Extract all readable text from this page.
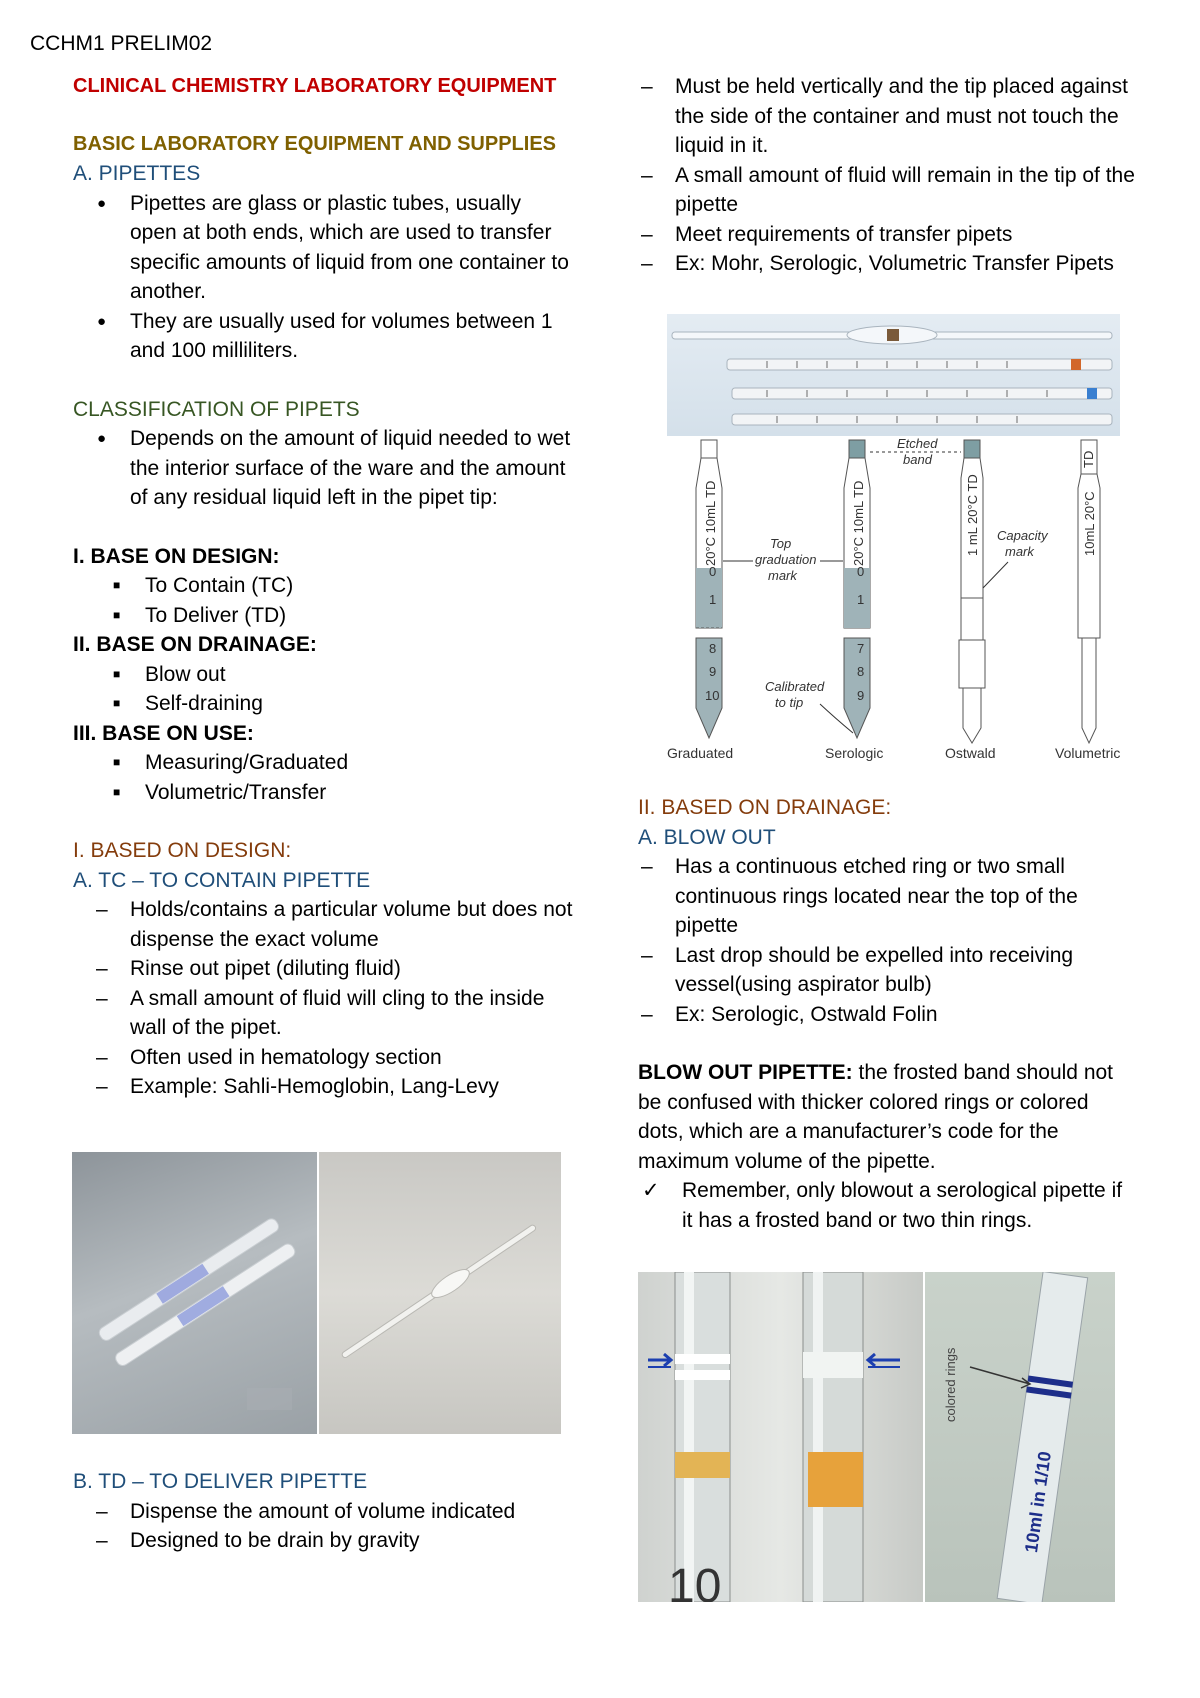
CCHM1 PRELIM02
CLINICAL CHEMISTRY LABORATORY EQUIPMENT
BASIC LABORATORY EQUIPMENT AND SUPPLIES
A. PIPETTES
● Pipettes are glass or plastic tubes, usually open at both ends, which are used to transfer specific amounts of liquid from one container to another.
● They are usually used for volumes between 1 and 100 milliliters.
CLASSIFICATION OF PIPETS
● Depends on the amount of liquid needed to wet the interior surface of the ware and the amount of any residual liquid left in the pipet tip:
I. BASE ON DESIGN:
■ To Contain (TC)
■ To Deliver (TD)
II. BASE ON DRAINAGE:
■ Blow out
■ Self-draining
III. BASE ON USE:
■ Measuring/Graduated
■ Volumetric/Transfer
I. BASED ON DESIGN:
A. TC – TO CONTAIN PIPETTE
– Holds/contains a particular volume but does not dispense the exact volume
– Rinse out pipet (diluting fluid)
– A small amount of fluid will cling to the inside wall of the pipet.
– Often used in hematology section
– Example: Sahli-Hemoglobin, Lang-Levy
B. TD – TO DELIVER PIPETTE
– Dispense the amount of volume indicated
– Designed to be drain by gravity
– Must be held vertically and the tip placed against the side of the container and must not touch the liquid in it.
– A small amount of fluid will remain in the tip of the pipette
– Meet requirements of transfer pipets
– Ex: Mohr, Serologic, Volumetric Transfer Pipets
20°C 10mL TD
0
1
8
9
10
Graduated
20°C 10mL TD
0
1
7
8
9
Serologic
1 mL 20°C TD
Ostwald
TD
10mL 20°C
Volumetric
Etched
band
Top
graduation
mark
Capacity
mark
Calibrated
to tip
II. BASED ON DRAINAGE:
A. BLOW OUT
– Has a continuous etched ring or two small continuous rings located near the top of the pipette
– Last drop should be expelled into receiving vessel(using aspirator bulb)
– Ex: Serologic, Ostwald Folin

BLOW OUT PIPETTE: the frosted band should not be confused with thicker colored rings or colored dots, which are a manufacturer’s code for the maximum volume of the pipette.

✓ Remember, only blowout a serological pipette if it has a frosted band or two thin rings.
10
10ml in 1/10
colored rings
